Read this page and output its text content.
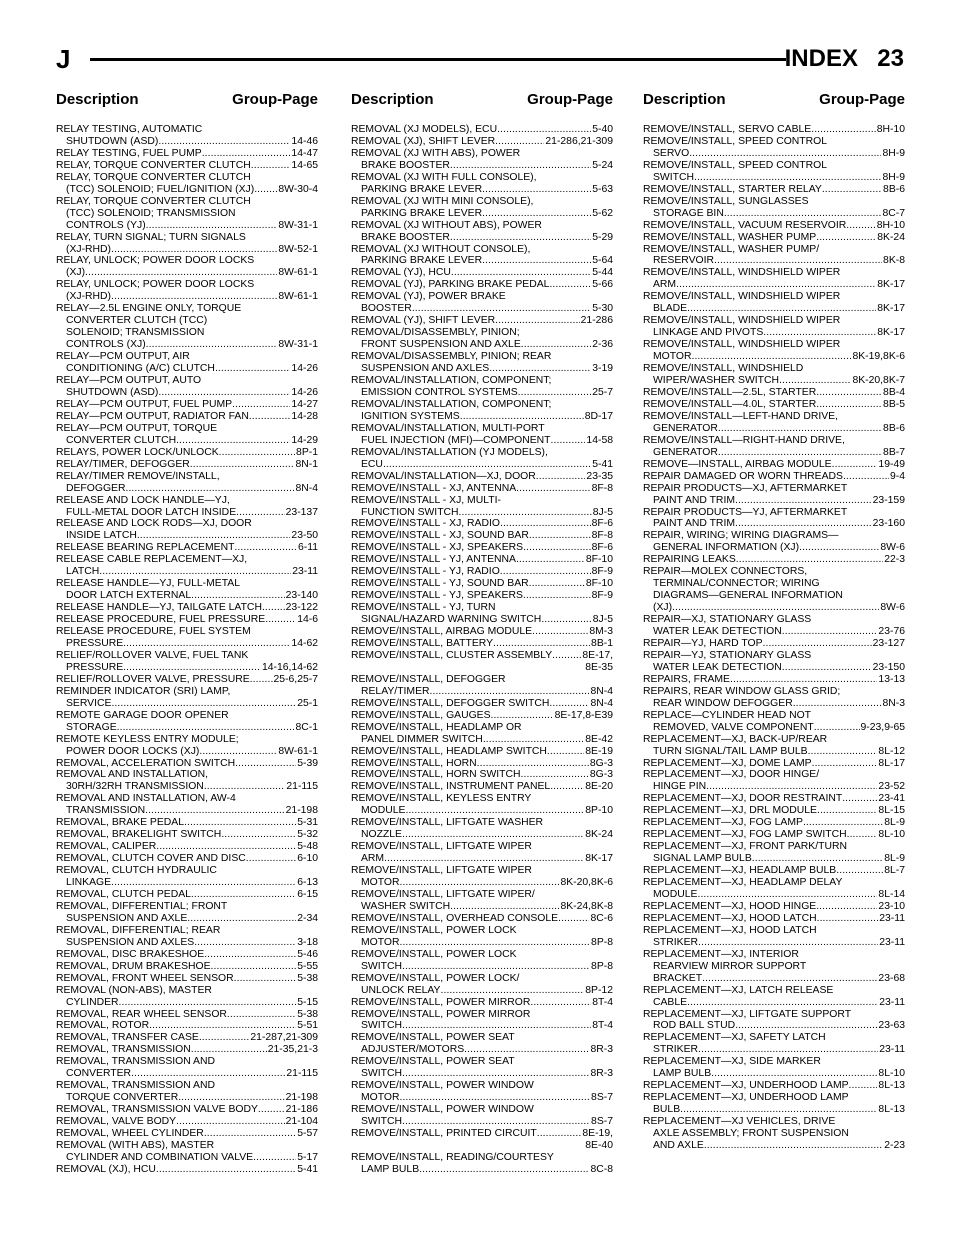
J	INDEX 23
Description	Group-Page Description	Group-Page Description	Group-Page
RELAY TESTING, AUTOMATIC
SHUTDOWN (ASD) . . .	14-46
RELAY TESTING, FUEL PUMP . . .	14-47
RELAY, TORQUE CONVERTER CLUTCH . . .	14-65
RELAY, TORQUE CONVERTER CLUTCH
(TCC) SOLENOID; FUEL/IGNITION (XJ) . . . 8W-30-4
RELAY, TORQUE CONVERTER CLUTCH
(TCC) SOLENOID; TRANSMISSION
CONTROLS (YJ) . . .	8W-31-1
RELAY, TURN SIGNAL; TURN SIGNALS
(XJ-RHD) . . .	8W-52-1
RELAY, UNLOCK; POWER DOOR LOCKS
(XJ) . . .	8W-61-1
RELAY, UNLOCK; POWER DOOR LOCKS
(XJ-RHD) . . .	8W-61-1
RELAY—2.5L ENGINE ONLY, TORQUE
CONVERTER CLUTCH (TCC)
SOLENOID; TRANSMISSION
CONTROLS (XJ) . . .	8W-31-1
RELAY—PCM OUTPUT, AIR
CONDITIONING (A/C) CLUTCH . . .	14-26
RELAY—PCM OUTPUT, AUTO
SHUTDOWN (ASD) . . .	14-26
RELAY—PCM OUTPUT, FUEL PUMP . . .	14-27
RELAY—PCM OUTPUT, RADIATOR FAN . . .	14-28
RELAY—PCM OUTPUT, TORQUE
CONVERTER CLUTCH . . .	14-29
RELAYS, POWER LOCK/UNLOCK . . .	8P-1
RELAY/TIMER, DEFOGGER . . .	8N-1
RELAY/TIMER REMOVE/INSTALL,
DEFOGGER . . .	8N-4
RELEASE AND LOCK HANDLE—YJ,
FULL-METAL DOOR LATCH INSIDE . . .	23-137
RELEASE AND LOCK RODS—XJ, DOOR
INSIDE LATCH . . .	23-50
RELEASE BEARING REPLACEMENT . . .	6-11
RELEASE CABLE REPLACEMENT—XJ,
LATCH . . .	23-11
RELEASE HANDLE—YJ, FULL-METAL
DOOR LATCH EXTERNAL . . .	23-140
RELEASE HANDLE—YJ, TAILGATE LATCH . . . 23-122
RELEASE PROCEDURE, FUEL PRESSURE . . .	14-6
RELEASE PROCEDURE, FUEL SYSTEM
PRESSURE . . .	14-62
RELIEF/ROLLOVER VALVE, FUEL TANK
PRESSURE . . .	14-16,14-62
RELIEF/ROLLOVER VALVE, PRESSURE . . . 25-6,25-7
REMINDER INDICATOR (SRI) LAMP,
SERVICE . . .	25-1
REMOTE GARAGE DOOR OPENER
STORAGE . . .	8C-1
REMOTE KEYLESS ENTRY MODULE;
POWER DOOR LOCKS (XJ) . . .	8W-61-1
REMOVAL, ACCELERATION SWITCH . . .	5-39
REMOVAL AND INSTALLATION,
30RH/32RH TRANSMISSION . . .	21-115
REMOVAL AND INSTALLATION, AW-4
TRANSMISSION . . .	21-198
REMOVAL, BRAKE PEDAL . . .	5-31
REMOVAL, BRAKELIGHT SWITCH . . .	5-32
REMOVAL, CALIPER . . .	5-48
REMOVAL, CLUTCH COVER AND DISC . . .	6-10
REMOVAL, CLUTCH HYDRAULIC
LINKAGE . . .	6-13
REMOVAL, CLUTCH PEDAL . . .	6-15
REMOVAL, DIFFERENTIAL; FRONT
SUSPENSION AND AXLE . . .	2-34
REMOVAL, DIFFERENTIAL; REAR
SUSPENSION AND AXLES . . .	3-18
REMOVAL, DISC BRAKESHOE . . .	5-46
REMOVAL, DRUM BRAKESHOE . . .	5-55
REMOVAL, FRONT WHEEL SENSOR . . .	5-38
REMOVAL (NON-ABS), MASTER
CYLINDER . . .	5-15
REMOVAL, REAR WHEEL SENSOR . . .	5-38
REMOVAL, ROTOR . . .	5-51
REMOVAL, TRANSFER CASE . . .	21-287,21-309
REMOVAL, TRANSMISSION . . .	21-35,21-3
REMOVAL, TRANSMISSION AND
CONVERTER . . .	21-115
REMOVAL, TRANSMISSION AND
TORQUE CONVERTER . . .	21-198
REMOVAL, TRANSMISSION VALVE BODY . . .	21-186
REMOVAL, VALVE BODY . . .	21-104
REMOVAL, WHEEL CYLINDER . . .	5-57
REMOVAL (WITH ABS), MASTER
CYLINDER AND COMBINATION VALVE . . .	5-17
REMOVAL (XJ), HCU . . .	5-41
REMOVAL (XJ MODELS), ECU . . .	5-40
REMOVAL (XJ), SHIFT LEVER . . .	21-286,21-309
REMOVAL (XJ WITH ABS), POWER
BRAKE BOOSTER . . .	5-24
REMOVAL (XJ WITH FULL CONSOLE),
PARKING BRAKE LEVER . . .	5-63
REMOVAL (XJ WITH MINI CONSOLE),
PARKING BRAKE LEVER . . .	5-62
REMOVAL (XJ WITHOUT ABS), POWER
BRAKE BOOSTER . . .	5-29
REMOVAL (XJ WITHOUT CONSOLE),
PARKING BRAKE LEVER . . .	5-64
REMOVAL (YJ), HCU . . .	5-44
REMOVAL (YJ), PARKING BRAKE PEDAL . . .	5-66
REMOVAL (YJ), POWER BRAKE
BOOSTER . . .	5-30
REMOVAL (YJ), SHIFT LEVER . . .	21-286
REMOVAL/DISASSEMBLY, PINION;
FRONT SUSPENSION AND AXLE . . .	2-36
REMOVAL/DISASSEMBLY, PINION; REAR
SUSPENSION AND AXLES . . .	3-19
REMOVAL/INSTALLATION, COMPONENT;
EMISSION CONTROL SYSTEMS . . .	25-7
REMOVAL/INSTALLATION, COMPONENT;
IGNITION SYSTEMS . . .	8D-17
REMOVAL/INSTALLATION, MULTI-PORT
FUEL INJECTION (MFI)—COMPONENT . . .	14-58
REMOVAL/INSTALLATION (YJ MODELS),
ECU . . .	5-41
REMOVAL/INSTALLATION—XJ, DOOR . . .	23-35
REMOVE/INSTALL - XJ, ANTENNA . . .	8F-8
REMOVE/INSTALL - XJ, MULTI-
FUNCTION SWITCH . . .	8J-5
REMOVE/INSTALL - XJ, RADIO . . .	8F-6
REMOVE/INSTALL - XJ, SOUND BAR . . .	8F-8
REMOVE/INSTALL - XJ, SPEAKERS . . .	8F-6
REMOVE/INSTALL - YJ, ANTENNA . . .	8F-10
REMOVE/INSTALL - YJ, RADIO . . .	8F-9
REMOVE/INSTALL - YJ, SOUND BAR . . .	8F-10
REMOVE/INSTALL - YJ, SPEAKERS . . .	8F-9
REMOVE/INSTALL - YJ, TURN
SIGNAL/HAZARD WARNING SWITCH . . .	8J-5
REMOVE/INSTALL, AIRBAG MODULE . . .	8M-3
REMOVE/INSTALL, BATTERY . . .	8B-1
REMOVE/INSTALL, CLUSTER ASSEMBLY . . .	8E-17,
8E-35
REMOVE/INSTALL, DEFOGGER
RELAY/TIMER . . .	8N-4
REMOVE/INSTALL, DEFOGGER SWITCH . . .	8N-4
REMOVE/INSTALL, GAUGES . . .	8E-17,8-E39
REMOVE/INSTALL, HEADLAMP OR
PANEL DIMMER SWITCH . . .	8E-42
REMOVE/INSTALL, HEADLAMP SWITCH . . .	8E-19
REMOVE/INSTALL, HORN . . .	8G-3
REMOVE/INSTALL, HORN SWITCH . . .	8G-3
REMOVE/INSTALL, INSTRUMENT PANEL . . .	8E-20
REMOVE/INSTALL, KEYLESS ENTRY
MODULE . . .	8P-10
REMOVE/INSTALL, LIFTGATE WASHER
NOZZLE . . .	8K-24
REMOVE/INSTALL, LIFTGATE WIPER
ARM . . .	8K-17
REMOVE/INSTALL, LIFTGATE WIPER
MOTOR . . .	8K-20,8K-6
REMOVE/INSTALL, LIFTGATE WIPER/
WASHER SWITCH . . .	8K-24,8K-8
REMOVE/INSTALL, OVERHEAD CONSOLE . . .	8C-6
REMOVE/INSTALL, POWER LOCK
MOTOR . . .	8P-8
REMOVE/INSTALL, POWER LOCK
SWITCH . . .	8P-8
REMOVE/INSTALL, POWER LOCK/
UNLOCK RELAY . . .	8P-12
REMOVE/INSTALL, POWER MIRROR . . .	8T-4
REMOVE/INSTALL, POWER MIRROR
SWITCH . . .	8T-4
REMOVE/INSTALL, POWER SEAT
ADJUSTER/MOTORS . . .	8R-3
REMOVE/INSTALL, POWER SEAT
SWITCH . . .	8R-3
REMOVE/INSTALL, POWER WINDOW
MOTOR . . .	8S-7
REMOVE/INSTALL, POWER WINDOW
SWITCH . . .	8S-7
REMOVE/INSTALL, PRINTED CIRCUIT . . .	8E-19,
8E-40
REMOVE/INSTALL, READING/COURTESY
LAMP BULB . . .	8C-8
REMOVE/INSTALL, SERVO CABLE . . .	8H-10
REMOVE/INSTALL, SPEED CONTROL
SERVO . . .	8H-9
REMOVE/INSTALL, SPEED CONTROL
SWITCH . . .	8H-9
REMOVE/INSTALL, STARTER RELAY . . .	8B-6
REMOVE/INSTALL, SUNGLASSES
STORAGE BIN . . .	8C-7
REMOVE/INSTALL, VACUUM RESERVOIR . . .	8H-10
REMOVE/INSTALL, WASHER PUMP . . .	8K-24
REMOVE/INSTALL, WASHER PUMP/
RESERVOIR . . .	8K-8
REMOVE/INSTALL, WINDSHIELD WIPER
ARM . . .	8K-17
REMOVE/INSTALL, WINDSHIELD WIPER
BLADE . . .	8K-17
REMOVE/INSTALL, WINDSHIELD WIPER
LINKAGE AND PIVOTS . . .	8K-17
REMOVE/INSTALL, WINDSHIELD WIPER
MOTOR . . .	8K-19,8K-6
REMOVE/INSTALL, WINDSHIELD
WIPER/WASHER SWITCH . . .	8K-20,8K-7
REMOVE/INSTALL—2.5L, STARTER . . .	8B-4
REMOVE/INSTALL—4.0L, STARTER . . .	8B-5
REMOVE/INSTALL—LEFT-HAND DRIVE,
GENERATOR . . .	8B-6
REMOVE/INSTALL—RIGHT-HAND DRIVE,
GENERATOR . . .	8B-7
REMOVE—INSTALL, AIRBAG MODULE . . .	19-49
REPAIR DAMAGED OR WORN THREADS . . .	9-4
REPAIR PRODUCTS—XJ, AFTERMARKET
PAINT AND TRIM . . .	23-159
REPAIR PRODUCTS—YJ, AFTERMARKET
PAINT AND TRIM . . .	23-160
REPAIR, WIRING; WIRING DIAGRAMS—
GENERAL INFORMATION (XJ) . . .	8W-6
REPAIRING LEAKS . . .	22-3
REPAIR—MOLEX CONNECTORS,
TERMINAL/CONNECTOR; WIRING
DIAGRAMS—GENERAL INFORMATION
(XJ) . . .	8W-6
REPAIR—XJ, STATIONARY GLASS
WATER LEAK DETECTION . . .	23-76
REPAIR—YJ, HARD TOP . . .	23-127
REPAIR—YJ, STATIONARY GLASS
WATER LEAK DETECTION . . .	23-150
REPAIRS, FRAME . . .	13-13
REPAIRS, REAR WINDOW GLASS GRID;
REAR WINDOW DEFOGGER . . .	8N-3
REPLACE—CYLINDER HEAD NOT
REMOVED, VALVE COMPONENT . . .	9-23,9-65
REPLACEMENT—XJ, BACK-UP/REAR
TURN SIGNAL/TAIL LAMP BULB . . .	8L-12
REPLACEMENT—XJ, DOME LAMP . . .	8L-17
REPLACEMENT—XJ, DOOR HINGE/
HINGE PIN . . .	23-52
REPLACEMENT—XJ, DOOR RESTRAINT . . .	23-41
REPLACEMENT—XJ, DRL MODULE . . .	8L-15
REPLACEMENT—XJ, FOG LAMP . . .	8L-9
REPLACEMENT—XJ, FOG LAMP SWITCH . . .	8L-10
REPLACEMENT—XJ, FRONT PARK/TURN
SIGNAL LAMP BULB . . .	8L-9
REPLACEMENT—XJ, HEADLAMP BULB . . .	8L-7
REPLACEMENT—XJ, HEADLAMP DELAY
MODULE . . .	8L-14
REPLACEMENT—XJ, HOOD HINGE . . .	23-10
REPLACEMENT—XJ, HOOD LATCH . . .	23-11
REPLACEMENT—XJ, HOOD LATCH
STRIKER . . .	23-11
REPLACEMENT—XJ, INTERIOR
REARVIEW MIRROR SUPPORT
BRACKET . . .	23-68
REPLACEMENT—XJ, LATCH RELEASE
CABLE . . .	23-11
REPLACEMENT—XJ, LIFTGATE SUPPORT
ROD BALL STUD . . .	23-63
REPLACEMENT—XJ, SAFETY LATCH
STRIKER . . .	23-11
REPLACEMENT—XJ, SIDE MARKER
LAMP BULB . . .	8L-10
REPLACEMENT—XJ, UNDERHOOD LAMP . . .	8L-13
REPLACEMENT—XJ, UNDERHOOD LAMP
BULB . . .	8L-13
REPLACEMENT—XJ VEHICLES, DRIVE
AXLE ASSEMBLY; FRONT SUSPENSION
AND AXLE . . .	2-23
